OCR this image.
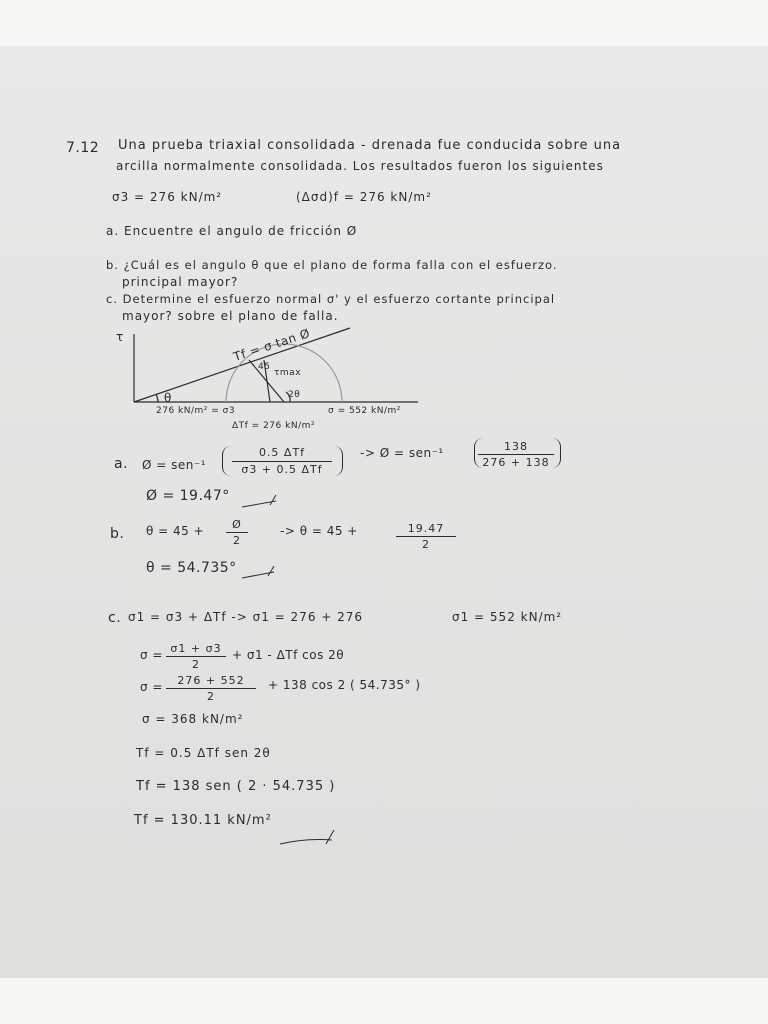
7.12 Una prueba triaxial consolidada - drenada fue conducida sobre una
arcilla normalmente consolidada. Los resultados fueron los siguientes
σ3 = 276 kN/m²	(Δσd)f = 276 kN/m²
a. Encuentre el angulo de fricción Ø
b. ¿Cuál es el angulo θ que el plano de forma falla con el esfuerzo.
principal mayor?
c. Determine el esfuerzo normal σ' y el esfuerzo cortante principal
mayor? sobre el plano de falla.
τ	Tf = σ tan Ø
45
τmax
2θ
θ
276 kN/m² = σ3	σ = 552 kN/m²
ΔTf = 276 kN/m²
a. Ø = sen⁻¹
0.5 ΔTf
σ3 + 0.5 ΔTf
-> Ø = sen⁻¹	138
276 + 138
Ø = 19.47°
b. θ = 45 +	Ø
2
-> θ = 45 +	19.47
2
θ = 54.735°
c. σ1 = σ3 + ΔTf -> σ1 = 276 + 276	σ1 = 552 kN/m²
σ = σ1 + σ3
2
+ σ1 - ΔTf cos 2θ
σ =	276 + 552
2
+ 138 cos 2 ( 54.735° )
σ = 368 kN/m²
Tf = 0.5 ΔTf sen 2θ
Tf = 138 sen ( 2 · 54.735 )
Tf = 130.11 kN/m²
